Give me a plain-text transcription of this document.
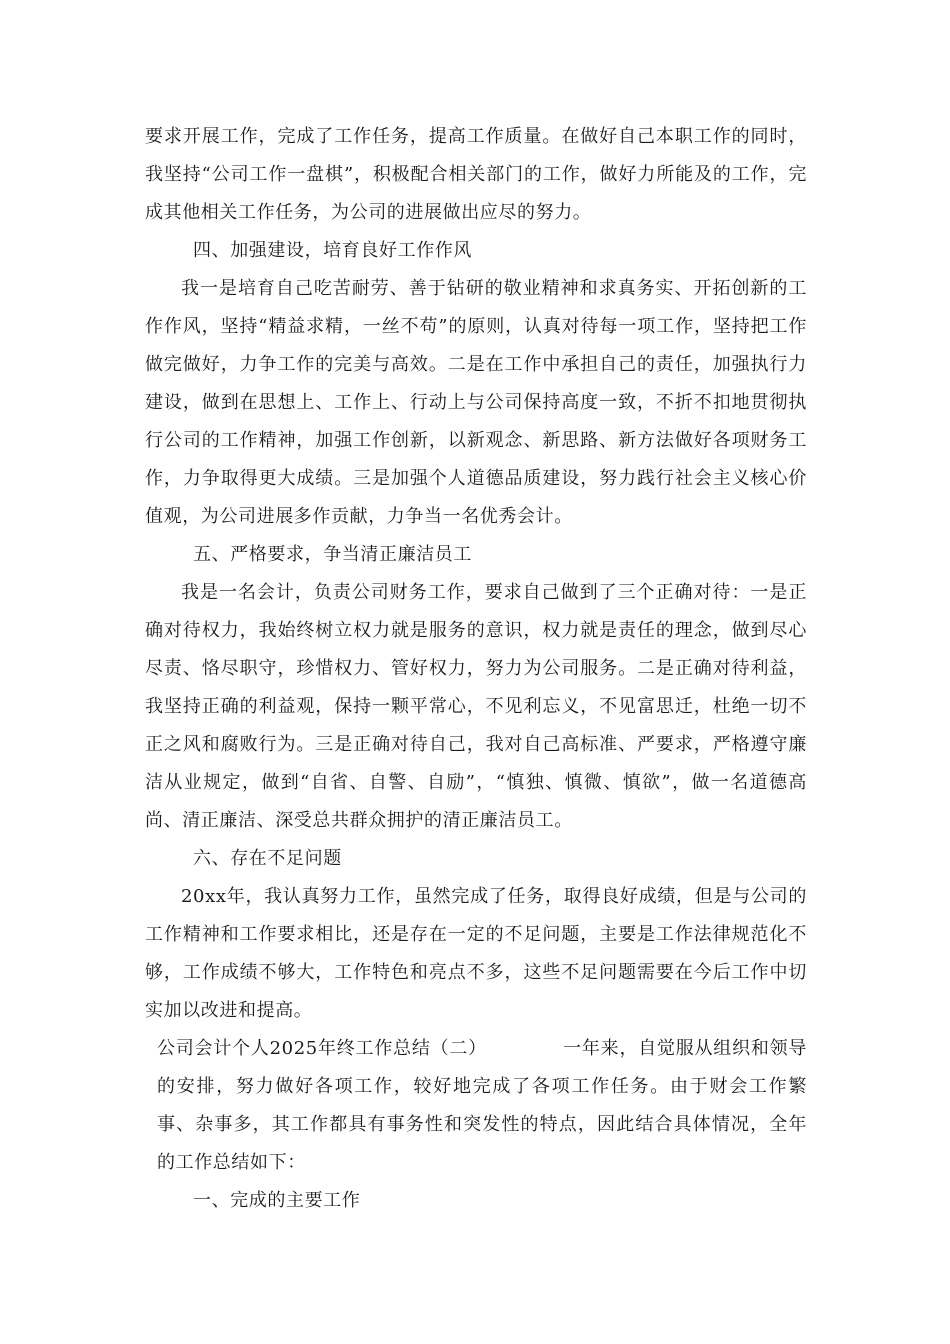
要求开展工作，完成了工作任务，提高工作质量。在做好自己本职工作的同时，我坚持“公司工作一盘棋”，积极配合相关部门的工作，做好力所能及的工作，完成其他相关工作任务，为公司的进展做出应尽的努力。

四、加强建设，培育良好工作作风

我一是培育自己吃苦耐劳、善于钻研的敬业精神和求真务实、开拓创新的工作作风，坚持“精益求精，一丝不苟”的原则，认真对待每一项工作，坚持把工作做完做好，力争工作的完美与高效。二是在工作中承担自己的责任，加强执行力建设，做到在思想上、工作上、行动上与公司保持高度一致，不折不扣地贯彻执行公司的工作精神，加强工作创新，以新观念、新思路、新方法做好各项财务工作，力争取得更大成绩。三是加强个人道德品质建设，努力践行社会主义核心价值观，为公司进展多作贡献，力争当一名优秀会计。

五、严格要求，争当清正廉洁员工

我是一名会计，负责公司财务工作，要求自己做到了三个正确对待：一是正确对待权力，我始终树立权力就是服务的意识，权力就是责任的理念，做到尽心尽责、恪尽职守，珍惜权力、管好权力，努力为公司服务。二是正确对待利益，我坚持正确的利益观，保持一颗平常心，不见利忘义，不见富思迁，杜绝一切不正之风和腐败行为。三是正确对待自己，我对自己高标准、严要求，严格遵守廉洁从业规定，做到“自省、自警、自励”，“慎独、慎微、慎欲”，做一名道德高尚、清正廉洁、深受总共群众拥护的清正廉洁员工。

六、存在不足问题

20xx年，我认真努力工作，虽然完成了任务，取得良好成绩，但是与公司的工作精神和工作要求相比，还是存在一定的不足问题，主要是工作法律规范化不够，工作成绩不够大，工作特色和亮点不多，这些不足问题需要在今后工作中切实加以改进和提高。

公司会计个人2025年终工作总结（二）	一年来，自觉服从组织和领导的安排，努力做好各项工作，较好地完成了各项工作任务。由于财会工作繁事、杂事多，其工作都具有事务性和突发性的特点，因此结合具体情况，全年的工作总结如下：

一、完成的主要工作
